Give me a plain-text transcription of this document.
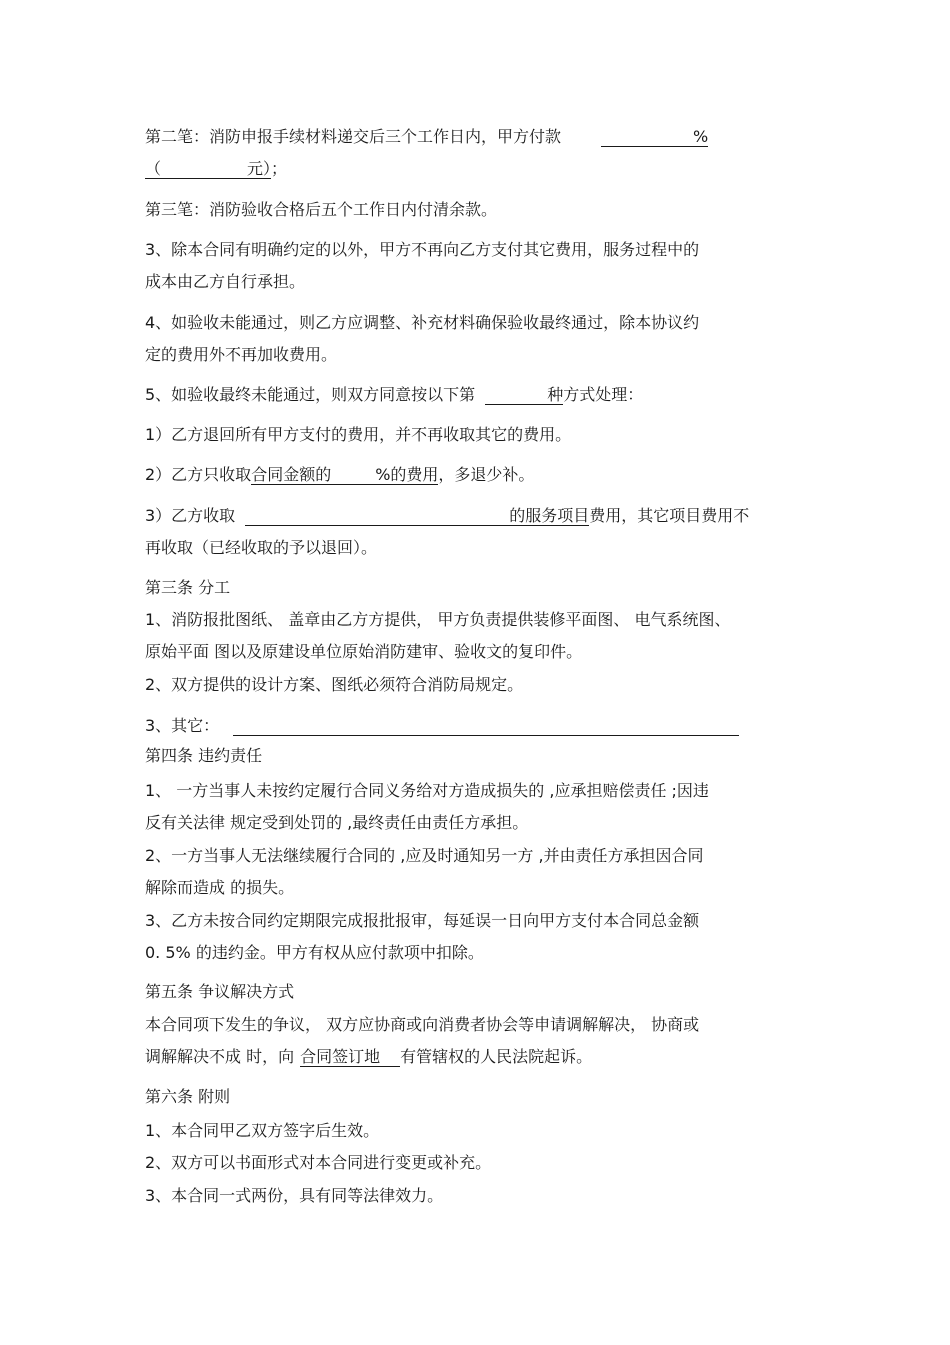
第二笔：消防申报手续材料递交后三个工作日内，甲方付款	%

（	元）；

第三笔：消防验收合格后五个工作日内付清余款。

3、除本合同有明确约定的以外，甲方不再向乙方支付其它费用，服务过程中的

成本由乙方自行承担。

4、如验收未能通过，则乙方应调整、补充材料确保验收最终通过，除本协议约

定的费用外不再加收费用。

5、如验收最终未能通过，则双方同意按以下第	种方式处理：

1）乙方退回所有甲方支付的费用，并不再收取其它的费用。

2）乙方只收取合同金额的	%的费用，多退少补。

3）乙方收取	的服务项目费用，其它项目费用不

再收取（已经收取的予以退回）。

第三条 分工

1、消防报批图纸、 盖章由乙方方提供， 甲方负责提供装修平面图、 电气系统图、

原始平面 图以及原建设单位原始消防建审、验收文的复印件。

2、双方提供的设计方案、图纸必须符合消防局规定。

3、其它：

第四条 违约责任

1、 一方当事人未按约定履行合同义务给对方造成损失的 ,应承担赔偿责任 ;因违

反有关法律 规定受到处罚的 ,最终责任由责任方承担。

2、一方当事人无法继续履行合同的 ,应及时通知另一方 ,并由责任方承担因合同

解除而造成 的损失。

3、乙方未按合同约定期限完成报批报审，每延误一日向甲方支付本合同总金额

0. 5% 的违约金。甲方有权从应付款项中扣除。

第五条 争议解决方式

本合同项下发生的争议， 双方应协商或向消费者协会等申请调解解决， 协商或

调解解决不成 时，向 合同签订地 有管辖权的人民法院起诉。

第六条 附则

1、本合同甲乙双方签字后生效。

2、双方可以书面形式对本合同进行变更或补充。

3、本合同一式两份，具有同等法律效力。
